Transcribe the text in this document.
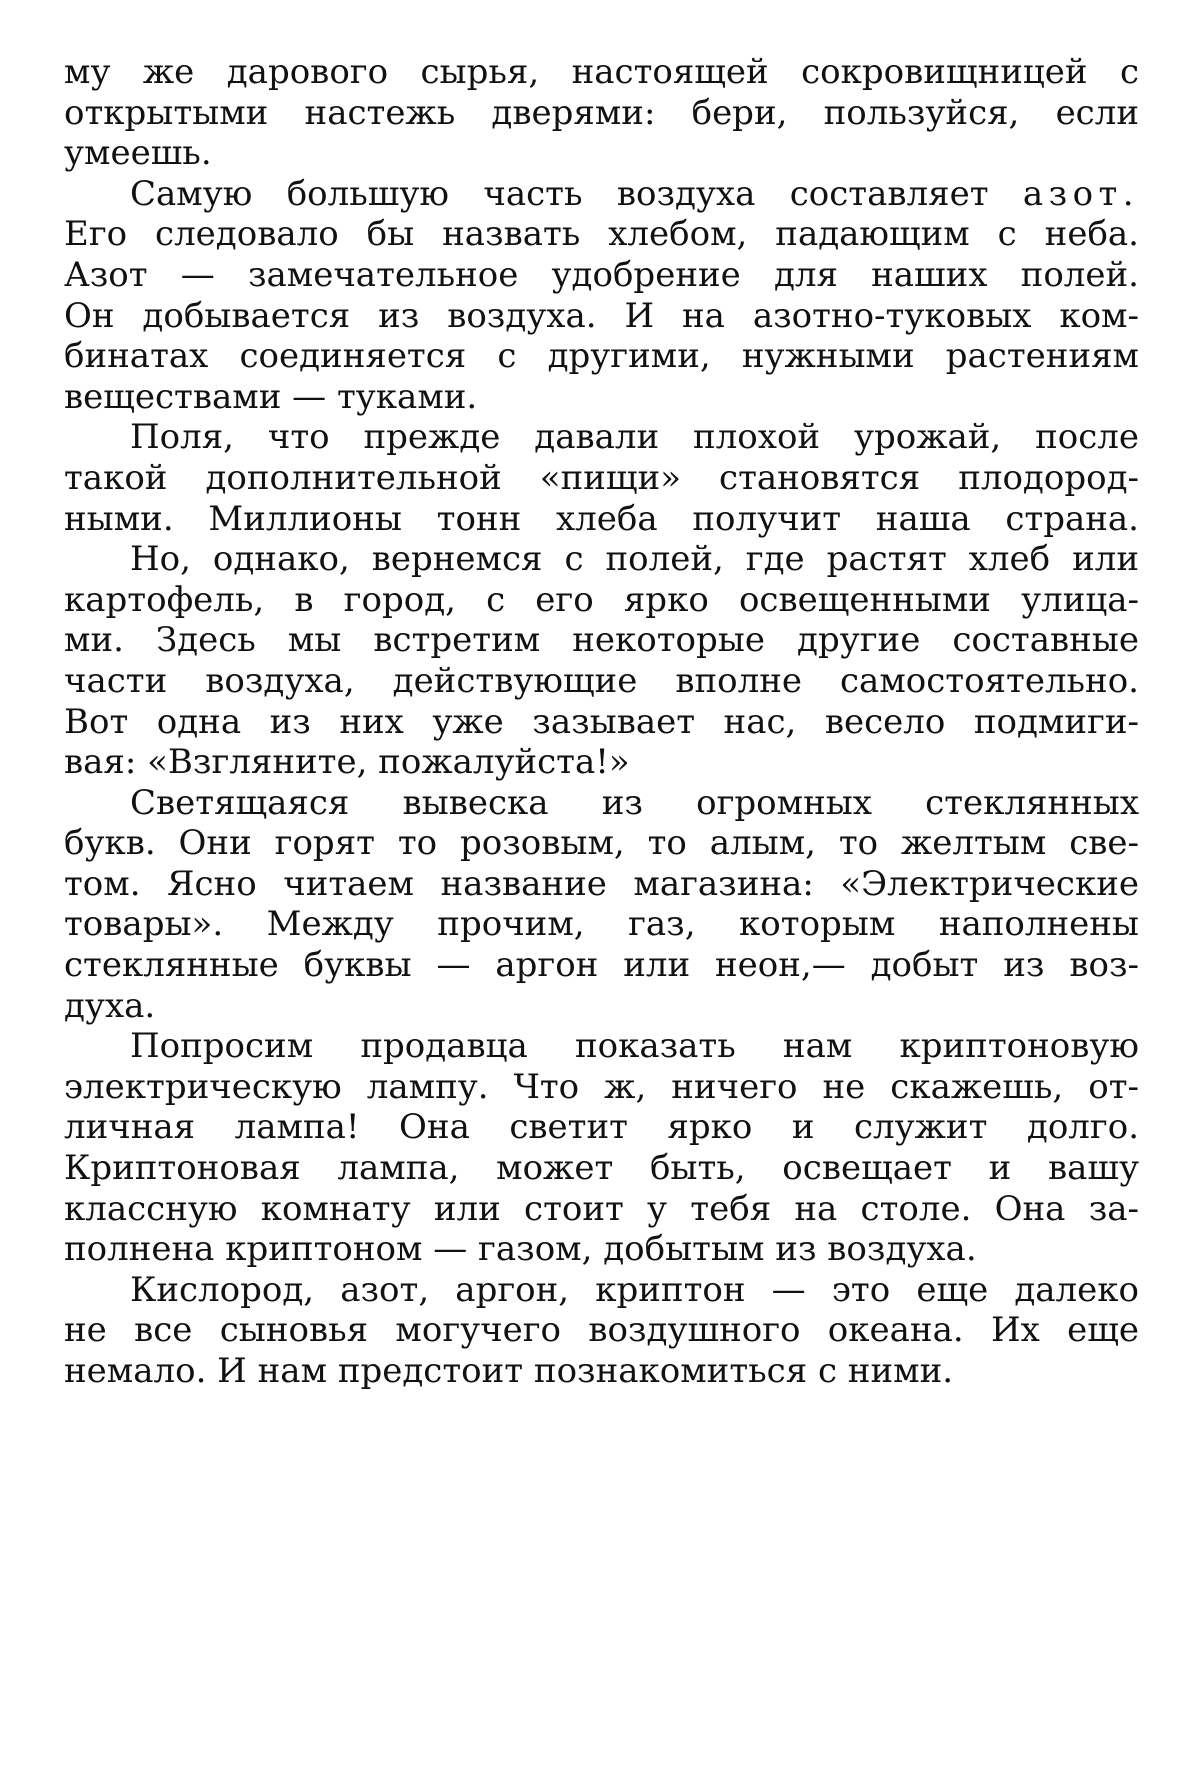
му же дарового сырья, настоящей сокровищницей с
открытыми настежь дверями: бери, пользуйся, если
умеешь.
Самую большую часть воздуха составляет азот.
Его следовало бы назвать хлебом, падающим с неба.
Азот — замечательное удобрение для наших полей.
Он добывается из воздуха. И на азотно-туковых ком-
бинатах соединяется с другими, нужными растениям
веществами — туками.
Поля, что прежде давали плохой урожай, после
такой дополнительной «пищи» становятся плодород-
ными. Миллионы тонн хлеба получит наша страна.
Но, однако, вернемся с полей, где растят хлеб или
картофель, в город, с его ярко освещенными улица-
ми. Здесь мы встретим некоторые другие составные
части воздуха, действующие вполне самостоятельно.
Вот одна из них уже зазывает нас, весело подмиги-
вая: «Взгляните, пожалуйста!»
Светящаяся вывеска из огромных стеклянных
букв. Они горят то розовым, то алым, то желтым све-
том. Ясно читаем название магазина: «Электрические
товары». Между прочим, газ, которым наполнены
стеклянные буквы — аргон или неон,— добыт из воз-
духа.
Попросим продавца показать нам криптоновую
электрическую лампу. Что ж, ничего не скажешь, от-
личная лампа! Она светит ярко и служит долго.
Криптоновая лампа, может быть, освещает и вашу
классную комнату или стоит у тебя на столе. Она за-
полнена криптоном — газом, добытым из воздуха.
Кислород, азот, аргон, криптон — это еще далеко
не все сыновья могучего воздушного океана. Их еще
немало. И нам предстоит познакомиться с ними.
